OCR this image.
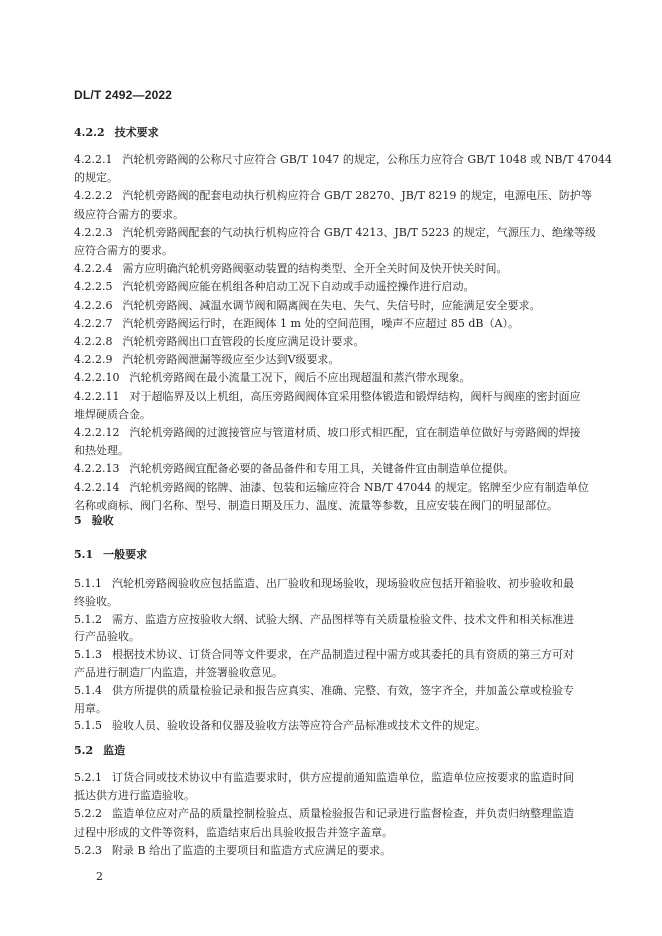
DL/T 2492—2022
4.2.2 技术要求
4.2.2.1 汽轮机旁路阀的公称尺寸应符合 GB/T 1047 的规定，公称压力应符合 GB/T 1048 或 NB/T 47044
的规定。
4.2.2.2 汽轮机旁路阀的配套电动执行机构应符合 GB/T 28270、JB/T 8219 的规定，电源电压、防护等
级应符合需方的要求。
4.2.2.3 汽轮机旁路阀配套的气动执行机构应符合 GB/T 4213、JB/T 5223 的规定，气源压力、绝缘等级
应符合需方的要求。
4.2.2.4 需方应明确汽轮机旁路阀驱动装置的结构类型、全开全关时间及快开快关时间。
4.2.2.5 汽轮机旁路阀应能在机组各种启动工况下自动或手动遥控操作进行启动。
4.2.2.6 汽轮机旁路阀、减温水调节阀和隔离阀在失电、失气、失信号时，应能满足安全要求。
4.2.2.7 汽轮机旁路阀运行时，在距阀体 1 m 处的空间范围，噪声不应超过 85 dB（A）。
4.2.2.8 汽轮机旁路阀出口直管段的长度应满足设计要求。
4.2.2.9 汽轮机旁路阀泄漏等级应至少达到Ⅴ级要求。
4.2.2.10 汽轮机旁路阀在最小流量工况下，阀后不应出现超温和蒸汽带水现象。
4.2.2.11 对于超临界及以上机组，高压旁路阀阀体宜采用整体锻造和锻焊结构，阀杆与阀座的密封面应
堆焊硬质合金。
4.2.2.12 汽轮机旁路阀的过渡接管应与管道材质、坡口形式相匹配，宜在制造单位做好与旁路阀的焊接
和热处理。
4.2.2.13 汽轮机旁路阀宜配备必要的备品备件和专用工具，关键备件宜由制造单位提供。
4.2.2.14 汽轮机旁路阀的铭牌、油漆、包装和运输应符合 NB/T 47044 的规定。铭牌至少应有制造单位
名称或商标、阀门名称、型号、制造日期及压力、温度、流量等参数，且应安装在阀门的明显部位。
5 验收
5.1 一般要求
5.1.1 汽轮机旁路阀验收应包括监造、出厂验收和现场验收，现场验收应包括开箱验收、初步验收和最
终验收。
5.1.2 需方、监造方应按验收大纲、试验大纲、产品图样等有关质量检验文件、技术文件和相关标准进
行产品验收。
5.1.3 根据技术协议、订货合同等文件要求，在产品制造过程中需方或其委托的具有资质的第三方可对
产品进行制造厂内监造，并签署验收意见。
5.1.4 供方所提供的质量检验记录和报告应真实、准确、完整、有效，签字齐全，并加盖公章或检验专
用章。
5.1.5 验收人员、验收设备和仪器及验收方法等应符合产品标准或技术文件的规定。
5.2 监造
5.2.1 订货合同或技术协议中有监造要求时，供方应提前通知监造单位，监造单位应按要求的监造时间
抵达供方进行监造验收。
5.2.2 监造单位应对产品的质量控制检验点、质量检验报告和记录进行监督检查，并负责归纳整理监造
过程中形成的文件等资料，监造结束后出具验收报告并签字盖章。
5.2.3 附录 B 给出了监造的主要项目和监造方式应满足的要求。
2
